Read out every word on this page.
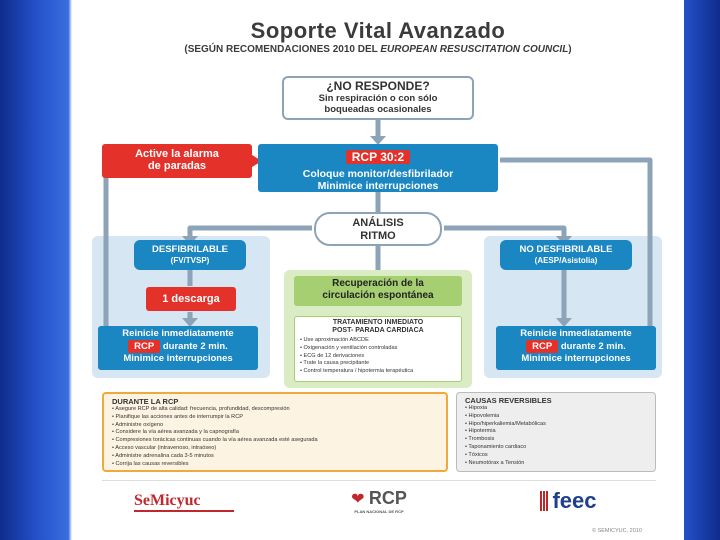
Soporte Vital Avanzado
(SEGÚN RECOMENDACIONES 2010 DEL EUROPEAN RESUSCITATION COUNCIL)
¿NO RESPONDE?
Sin respiración o con sólo
boqueadas ocasionales
Active la alarma
de paradas
RCP 30:2
Coloque monitor/desfibrilador
Minimice interrupciones
ANÁLISIS
RITMO
DESFIBRILABLE
(FV/TVSP)
1 descarga
Reinicie inmediatamente
RCP durante 2 min.
Minimice interrupciones
NO DESFIBRILABLE
(AESP/Asistolia)
Reinicie inmediatamente
RCP durante 2 min.
Minimice interrupciones
Recuperación de la
circulación espontánea
TRATAMIENTO INMEDIATO
POST- PARADA CARDIACA
• Use aproximación ABCDE
• Oxigenación y ventilación controladas
• ECG de 12 derivaciones
• Trate la causa precipitante
• Control temperatura / hipotermia terapéutica
DURANTE LA RCP
• Asegure RCP de alta calidad: frecuencia, profundidad, descompresión
• Planifique las acciones antes de interrumpir la RCP
• Administre oxígeno
• Considere la vía aérea avanzada y la capnografía
• Compresiones torácicas continuas cuando la vía aérea avanzada esté asegurada
• Acceso vascular (intravenoso, intraóseo)
• Administre adrenalina cada 3-5 minutos
• Corrija las causas reversibles
CAUSAS REVERSIBLES
• Hipoxia
• Hipovolemia
• Hipo/hiperkaliemia/Metabólicas
• Hipotermia
• Trombosis
• Taponamiento cardiaco
• Tóxicos
• Neumotórax a Tensión
SeMicyuc	❤ RCP
PLAN NACIONAL DE RCP	feec
© SEMICYUC, 2010
